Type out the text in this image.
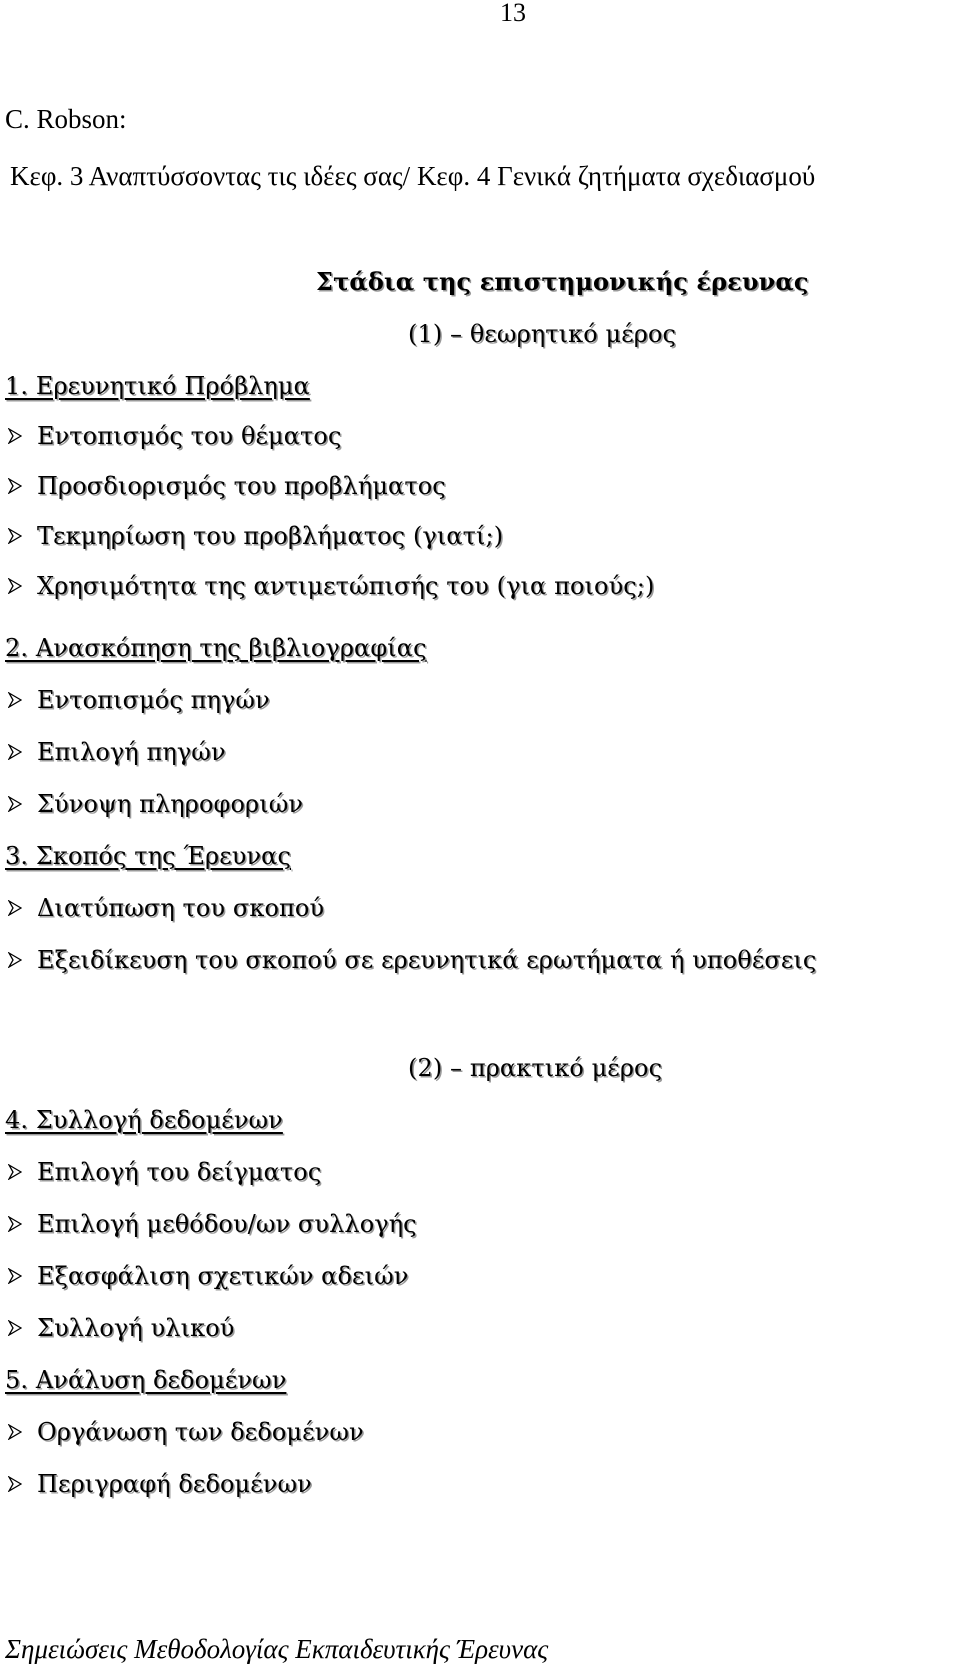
13
C. Robson:
Κεφ. 3 Αναπτύσσοντας τις ιδέες σας/ Κεφ. 4 Γενικά ζητήματα σχεδιασμού
Στάδια της επιστημονικής έρευνας
(1) – θεωρητικό μέρος
1. Ερευνητικό Πρόβλημα
Εντοπισμός του θέματος
Προσδιορισμός του προβλήματος
Τεκμηρίωση του προβλήματος (γιατί;)
Χρησιμότητα της αντιμετώπισής του (για ποιούς;)
2. Ανασκόπηση της βιβλιογραφίας
Εντοπισμός πηγών
Επιλογή πηγών
Σύνοψη πληροφοριών
3. Σκοπός της Έρευνας
Διατύπωση του σκοπού
Εξειδίκευση του σκοπού σε ερευνητικά ερωτήματα ή υποθέσεις
(2) – πρακτικό μέρος
4. Συλλογή δεδομένων
Επιλογή του δείγματος
Επιλογή μεθόδου/ων συλλογής
Εξασφάλιση σχετικών αδειών
Συλλογή υλικού
5. Ανάλυση δεδομένων
Οργάνωση των δεδομένων
Περιγραφή δεδομένων
Σημειώσεις Μεθοδολογίας Εκπαιδευτικής Έρευνας
